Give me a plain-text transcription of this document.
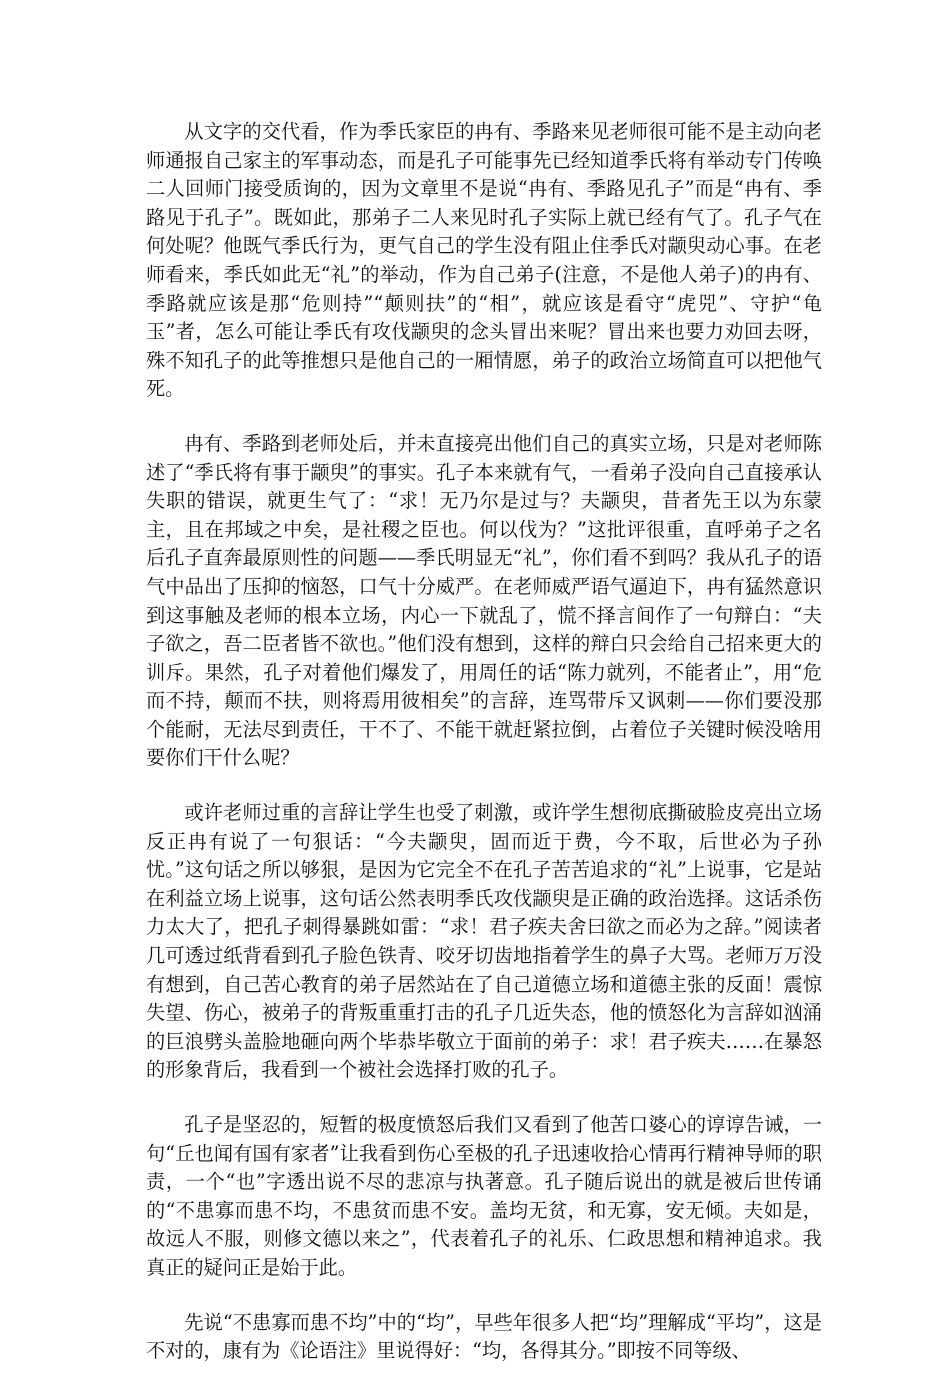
从文字的交代看，作为季氏家臣的冉有、季路来见老师很可能不是主动向老师通报自己家主的军事动态，而是孔子可能事先已经知道季氏将有举动专门传唤二人回师门接受质询的，因为文章里不是说“冉有、季路见孔子”而是“冉有、季路见于孔子”。既如此，那弟子二人来见时孔子实际上就已经有气了。孔子气在何处呢？他既气季氏行为，更气自己的学生没有阻止住季氏对颛臾动心事。在老师看来，季氏如此无“礼”的举动，作为自己弟子(注意，不是他人弟子)的冉有、季路就应该是那“危则持”“颠则扶”的“相”，就应该是看守“虎兕”、守护“龟玉”者，怎么可能让季氏有攻伐颛臾的念头冒出来呢？冒出来也要力劝回去呀，殊不知孔子的此等推想只是他自己的一厢情愿，弟子的政治立场简直可以把他气死。

冉有、季路到老师处后，并未直接亮出他们自己的真实立场，只是对老师陈述了“季氏将有事于颛臾”的事实。孔子本来就有气，一看弟子没向自己直接承认失职的错误，就更生气了：“求！无乃尔是过与？夫颛臾，昔者先王以为东蒙主，且在邦域之中矣，是社稷之臣也。何以伐为？”这批评很重，直呼弟子之名后孔子直奔最原则性的问题——季氏明显无“礼”，你们看不到吗？我从孔子的语气中品出了压抑的恼怒，口气十分威严。在老师威严语气逼迫下，冉有猛然意识到这事触及老师的根本立场，内心一下就乱了，慌不择言间作了一句辩白：“夫子欲之，吾二臣者皆不欲也。”他们没有想到，这样的辩白只会给自己招来更大的训斥。果然，孔子对着他们爆发了，用周任的话“陈力就列，不能者止”，用“危而不持，颠而不扶，则将焉用彼相矣”的言辞，连骂带斥又讽刺——你们要没那个能耐，无法尽到责任，干不了、不能干就赶紧拉倒，占着位子关键时候没啥用要你们干什么呢？

或许老师过重的言辞让学生也受了刺激，或许学生想彻底撕破脸皮亮出立场反正冉有说了一句狠话：“今夫颛臾，固而近于费，今不取，后世必为子孙忧。”这句话之所以够狠，是因为它完全不在孔子苦苦追求的“礼”上说事，它是站在利益立场上说事，这句话公然表明季氏攻伐颛臾是正确的政治选择。这话杀伤力太大了，把孔子刺得暴跳如雷：“求！君子疾夫舍曰欲之而必为之辞。”阅读者几可透过纸背看到孔子脸色铁青、咬牙切齿地指着学生的鼻子大骂。老师万万没有想到，自己苦心教育的弟子居然站在了自己道德立场和道德主张的反面！震惊失望、伤心，被弟子的背叛重重打击的孔子几近失态，他的愤怒化为言辞如汹涌的巨浪劈头盖脸地砸向两个毕恭毕敬立于面前的弟子：求！君子疾夫……在暴怒的形象背后，我看到一个被社会选择打败的孔子。

孔子是坚忍的，短暂的极度愤怒后我们又看到了他苦口婆心的谆谆告诫，一句“丘也闻有国有家者”让我看到伤心至极的孔子迅速收拾心情再行精神导师的职责，一个“也”字透出说不尽的悲凉与执著意。孔子随后说出的就是被后世传诵的“不患寡而患不均，不患贫而患不安。盖均无贫，和无寡，安无倾。夫如是，故远人不服，则修文德以来之”，代表着孔子的礼乐、仁政思想和精神追求。我真正的疑问正是始于此。

先说“不患寡而患不均”中的“均”，早些年很多人把“均”理解成“平均”，这是不对的，康有为《论语注》里说得好：“均，各得其分。”即按不同等级、
